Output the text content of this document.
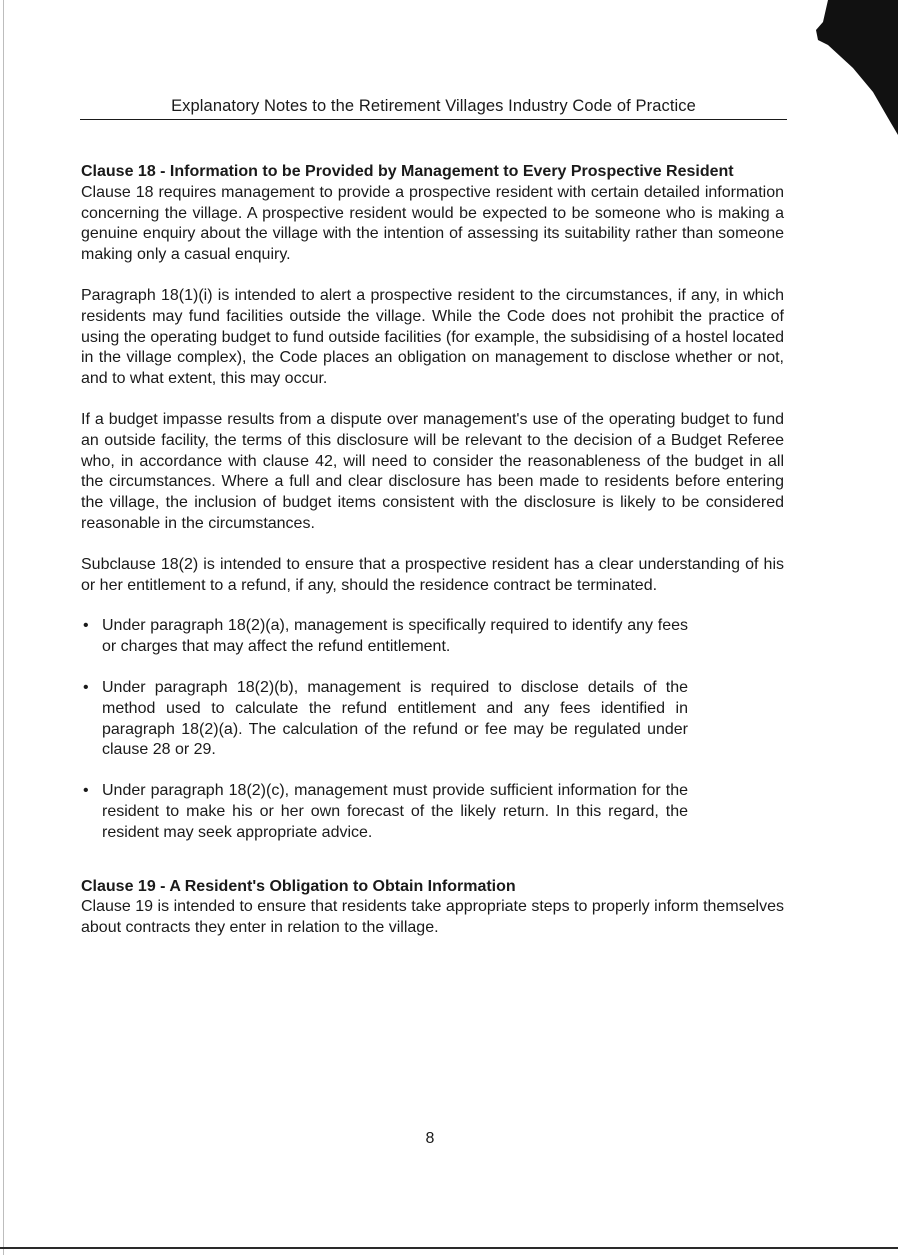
Explanatory Notes to the Retirement Villages Industry Code of Practice

Clause 18 - Information to be Provided by Management to Every Prospective Resident

Clause 18 requires management to provide a prospective resident with certain detailed information concerning the village. A prospective resident would be expected to be someone who is making a genuine enquiry about the village with the intention of assessing its suitability rather than someone making only a casual enquiry.

Paragraph 18(1)(i) is intended to alert a prospective resident to the circumstances, if any, in which residents may fund facilities outside the village. While the Code does not prohibit the practice of using the operating budget to fund outside facilities (for example, the subsidising of a hostel located in the village complex), the Code places an obligation on management to disclose whether or not, and to what extent, this may occur.

If a budget impasse results from a dispute over management's use of the operating budget to fund an outside facility, the terms of this disclosure will be relevant to the decision of a Budget Referee who, in accordance with clause 42, will need to consider the reasonableness of the budget in all the circumstances. Where a full and clear disclosure has been made to residents before entering the village, the inclusion of budget items consistent with the disclosure is likely to be considered reasonable in the circumstances.

Subclause 18(2) is intended to ensure that a prospective resident has a clear understanding of his or her entitlement to a refund, if any, should the residence contract be terminated.

• Under paragraph 18(2)(a), management is specifically required to identify any fees or charges that may affect the refund entitlement.
• Under paragraph 18(2)(b), management is required to disclose details of the method used to calculate the refund entitlement and any fees identified in paragraph 18(2)(a). The calculation of the refund or fee may be regulated under clause 28 or 29.
• Under paragraph 18(2)(c), management must provide sufficient information for the resident to make his or her own forecast of the likely return. In this regard, the resident may seek appropriate advice.

Clause 19 - A Resident's Obligation to Obtain Information

Clause 19 is intended to ensure that residents take appropriate steps to properly inform themselves about contracts they enter in relation to the village.

8
